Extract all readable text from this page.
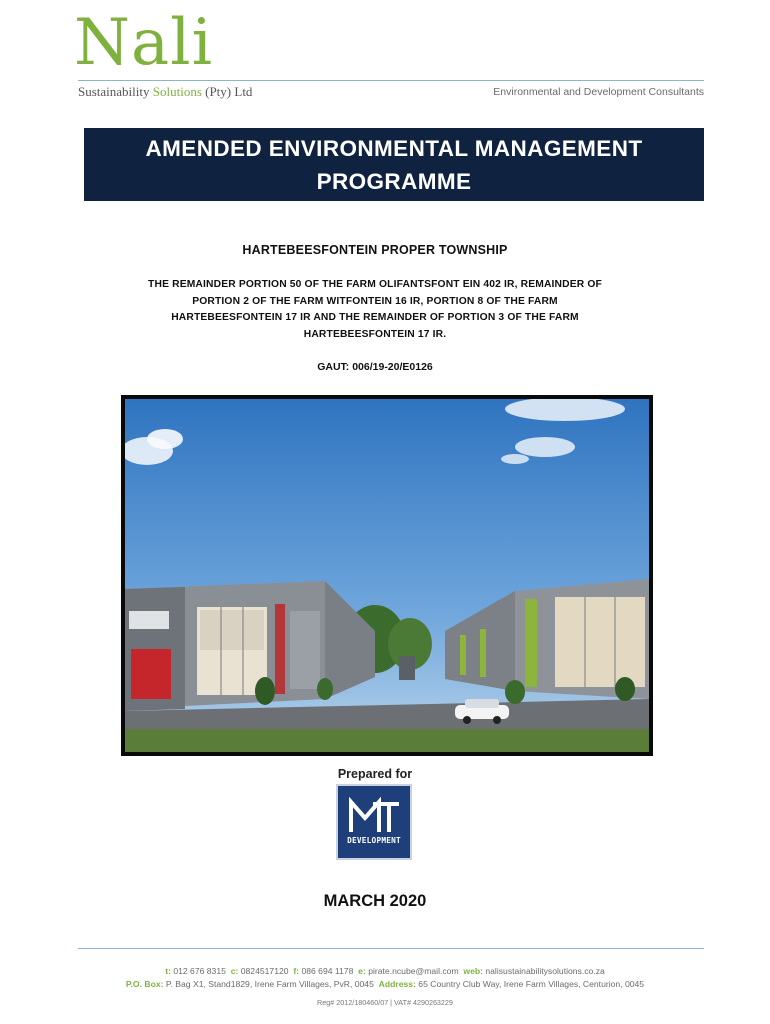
Nali
Sustainability Solutions (Pty) Ltd	Environmental and Development Consultants
AMENDED ENVIRONMENTAL MANAGEMENT
PROGRAMME
HARTEBEESFONTEIN PROPER TOWNSHIP
THE REMAINDER PORTION 50 OF THE FARM OLIFANTSFONT EIN 402 IR, REMAINDER OF
PORTION 2 OF THE FARM WITFONTEIN 16 IR, PORTION 8 OF THE FARM
HARTEBEESFONTEIN 17 IR AND THE REMAINDER OF PORTION 3 OF THE FARM
HARTEBEESFONTEIN 17 IR.
GAUT: 006/19-20/E0126
Prepared for
DEVELOPMENT
MARCH 2020
t: 012 676 8315 c: 0824517120 f: 086 694 1178 e: pirate.ncube@mail.com web: nalisustainabilitysolutions.co.za
P.O. Box: P. Bag X1, Stand1829, Irene Farm Villages, PvR, 0045 Address: 65 Country Club Way, Irene Farm Villages, Centurion, 0045
Reg# 2012/180460/07 | VAT# 4290263229
